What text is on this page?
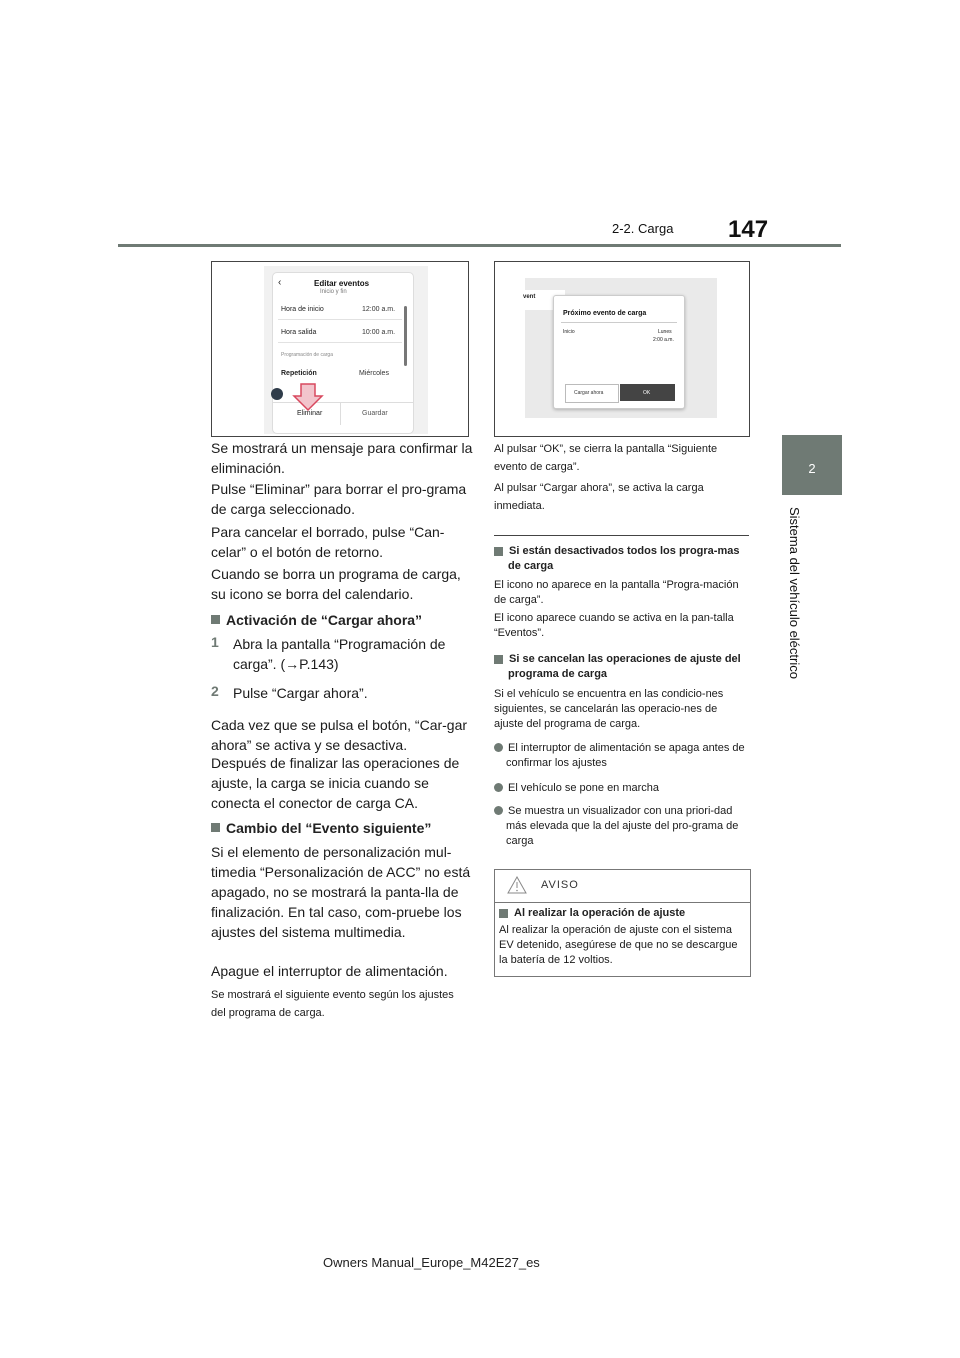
2-2. Carga 147
2
Sistema del vehículo eléctrico
‹	Editar eventos
Inicio y fin
Hora de inicio	12:00 a.m.
Hora salida	10:00 a.m.
Programación de carga
Repetición	Miércoles
Eliminar	Guardar
vent
Próximo evento de carga
Inicio	Lunes
2:00 a.m.
Cargar ahora	OK

Se mostrará un mensaje para confirmar la eliminación.

Pulse “Eliminar” para borrar el pro-grama de carga seleccionado.

Para cancelar el borrado, pulse “Can-celar” o el botón de retorno.

Cuando se borra un programa de carga, su icono se borra del calendario.

Activación de “Cargar ahora”
1 Abra la pantalla “Programación de carga”. (→P.143)

2 Pulse “Cargar ahora”.

Cada vez que se pulsa el botón, “Car-gar ahora” se activa y se desactiva.

Después de finalizar las operaciones de ajuste, la carga se inicia cuando se conecta el conector de carga CA.

Cambio del “Evento siguiente”

Si el elemento de personalización mul-timedia “Personalización de ACC” no está apagado, no se mostrará la panta-lla de finalización. En tal caso, com-pruebe los ajustes del sistema multimedia.

Apague el interruptor de alimentación.

Se mostrará el siguiente evento según los ajustes del programa de carga.

Al pulsar “OK”, se cierra la pantalla “Siguiente evento de carga”.

Al pulsar “Cargar ahora”, se activa la carga inmediata.

Si están desactivados todos los progra-mas de carga

El icono no aparece en la pantalla “Progra-mación de carga”.

El icono aparece cuando se activa en la pan-talla “Eventos”.

Si se cancelan las operaciones de ajuste del programa de carga

Si el vehículo se encuentra en las condicio-nes siguientes, se cancelarán las operacio-nes de ajuste del programa de carga.

El interruptor de alimentación se apaga antes de confirmar los ajustes
El vehículo se pone en marcha
Se muestra un visualizador con una priori-dad más elevada que la del ajuste del pro-grama de carga
AVISO
Al realizar la operación de ajuste

Al realizar la operación de ajuste con el sistema EV detenido, asegúrese de que no se descargue la batería de 12 voltios.

Owners Manual_Europe_M42E27_es
